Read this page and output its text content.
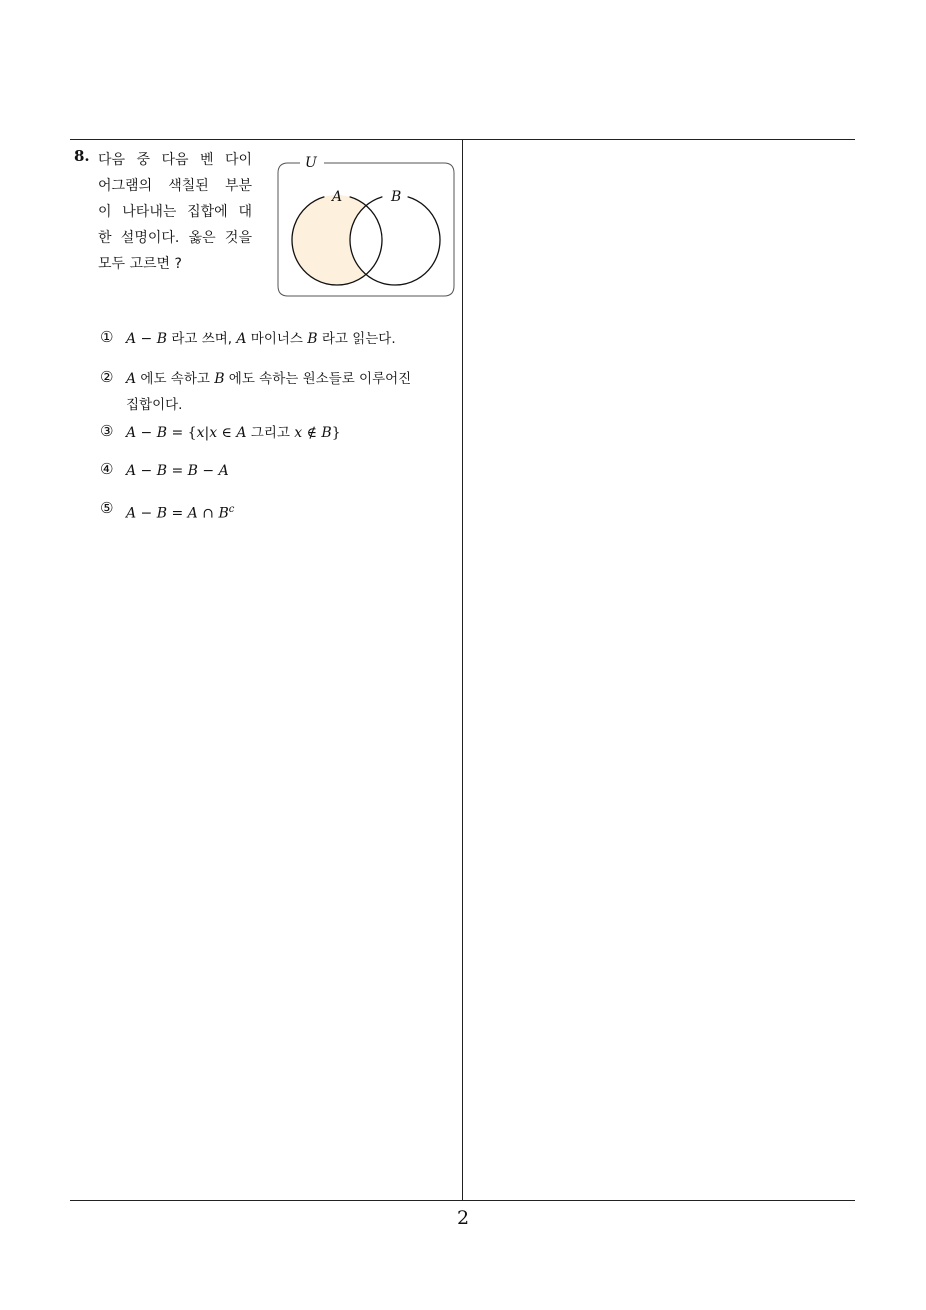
2
8. 다음 중 다음 벤 다이
어그램의 색칠된 부분
이 나타내는 집합에 대
한 설명이다. 옳은 것을
모두 고르면 ?
U
A	B
① A − B 라고 쓰며, A 마이너스 B 라고 읽는다.
② A 에도 속하고 B 에도 속하는 원소들로 이루어진
집합이다.
③ A − B = {x|x ∈ A 그리고 x ∉ B}
④ A − B = B − A
⑤ A − B = A ∩ $B^c$
